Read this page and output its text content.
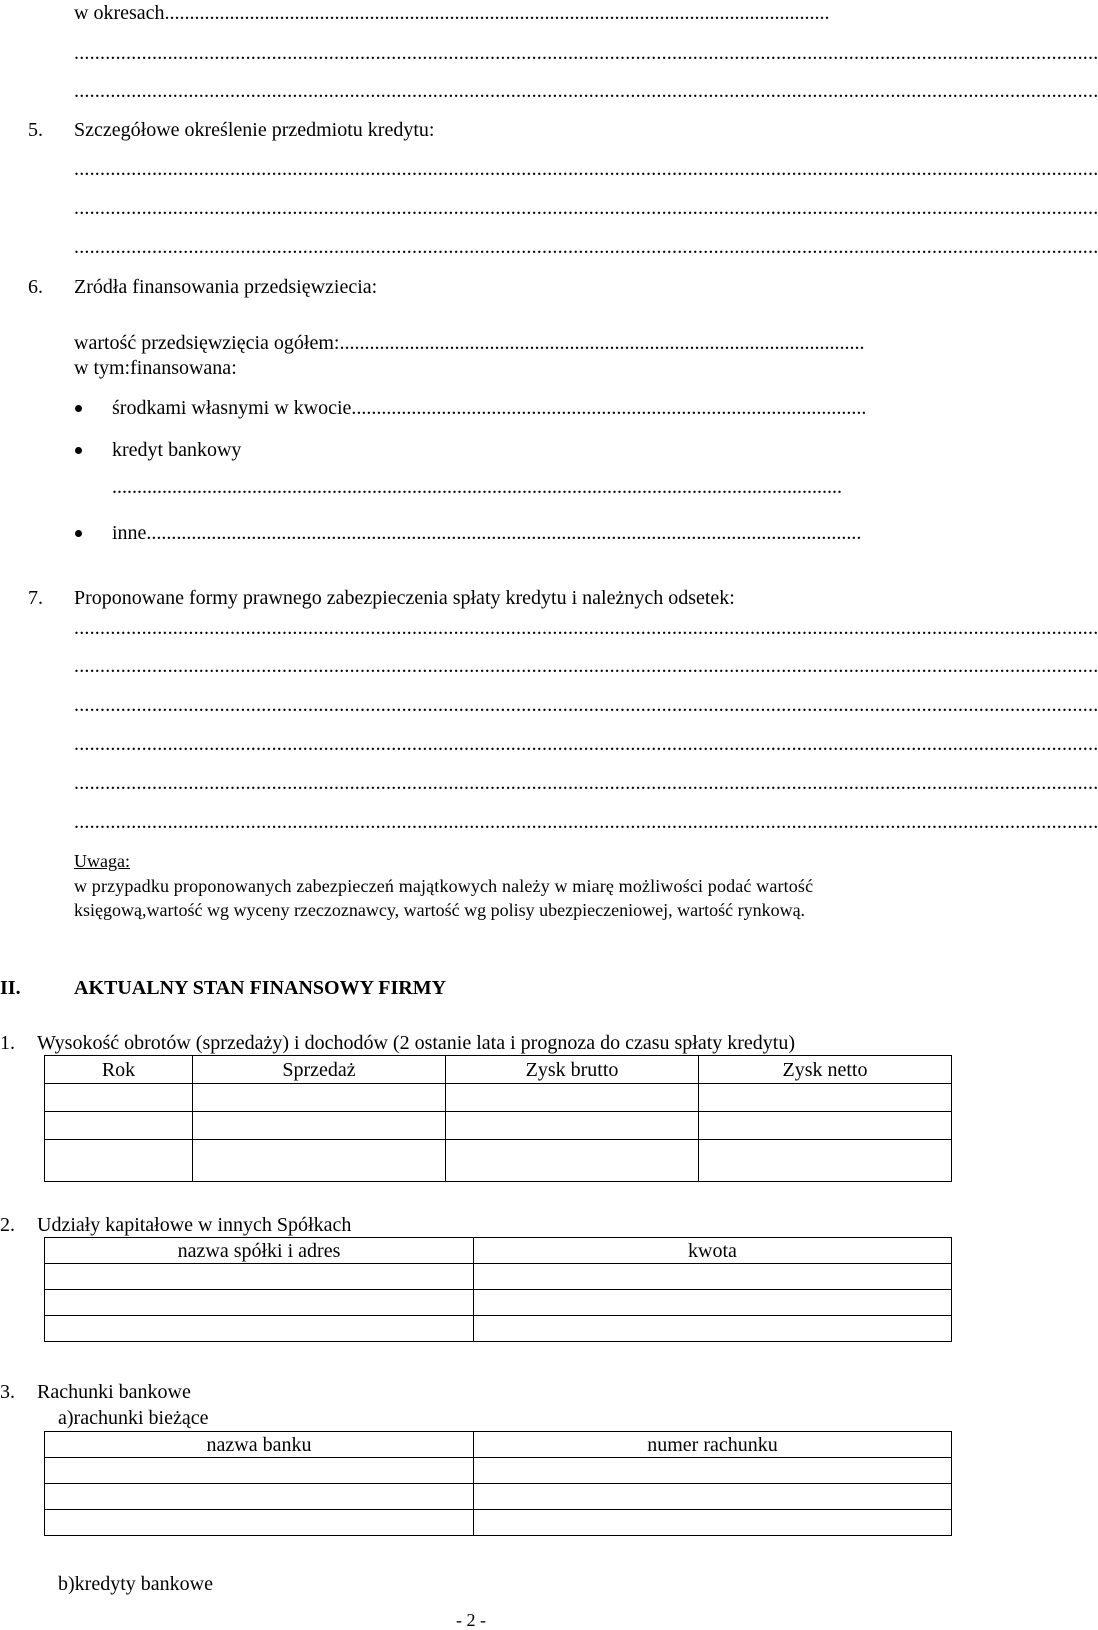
w okresach.....................................................................................................................................
.....................................................................................................................................................................................................
.....................................................................................................................................................................................................
5. Szczegółowe określenie przedmiotu kredytu:
.....................................................................................................................................................................................................
.....................................................................................................................................................................................................
.....................................................................................................................................................................................................
6. Zródła finansowania przedsięwziecia:
wartość przedsięwzięcia ogółem:.........................................................................................................
w tym:finansowana:
środkami własnymi w kwocie.......................................................................................................
kredyt bankowy
..................................................................................................................................................
inne...............................................................................................................................................
7. Proponowane formy prawnego zabezpieczenia spłaty kredytu i należnych odsetek:
.....................................................................................................................................................................................................
.....................................................................................................................................................................................................
.....................................................................................................................................................................................................
.....................................................................................................................................................................................................
.....................................................................................................................................................................................................
.....................................................................................................................................................................................................
Uwaga:
w przypadku proponowanych zabezpieczeń majątkowych należy w miarę możliwości podać wartość
księgową,wartość wg wyceny rzeczoznawcy, wartość wg polisy ubezpieczeniowej, wartość rynkową.
II.	AKTUALNY STAN FINANSOWY FIRMY
1. Wysokość obrotów (sprzedaży) i dochodów (2 ostanie lata i prognoza do czasu spłaty kredytu)
Rok	Sprzedaż	Zysk brutto	Zysk netto

2. Udziały kapitałowe w innych Spółkach
nazwa spółki i adres	kwota

3. Rachunki bankowe
a)rachunki bieżące
nazwa banku	numer rachunku

b)kredyty bankowe
- 2 -
